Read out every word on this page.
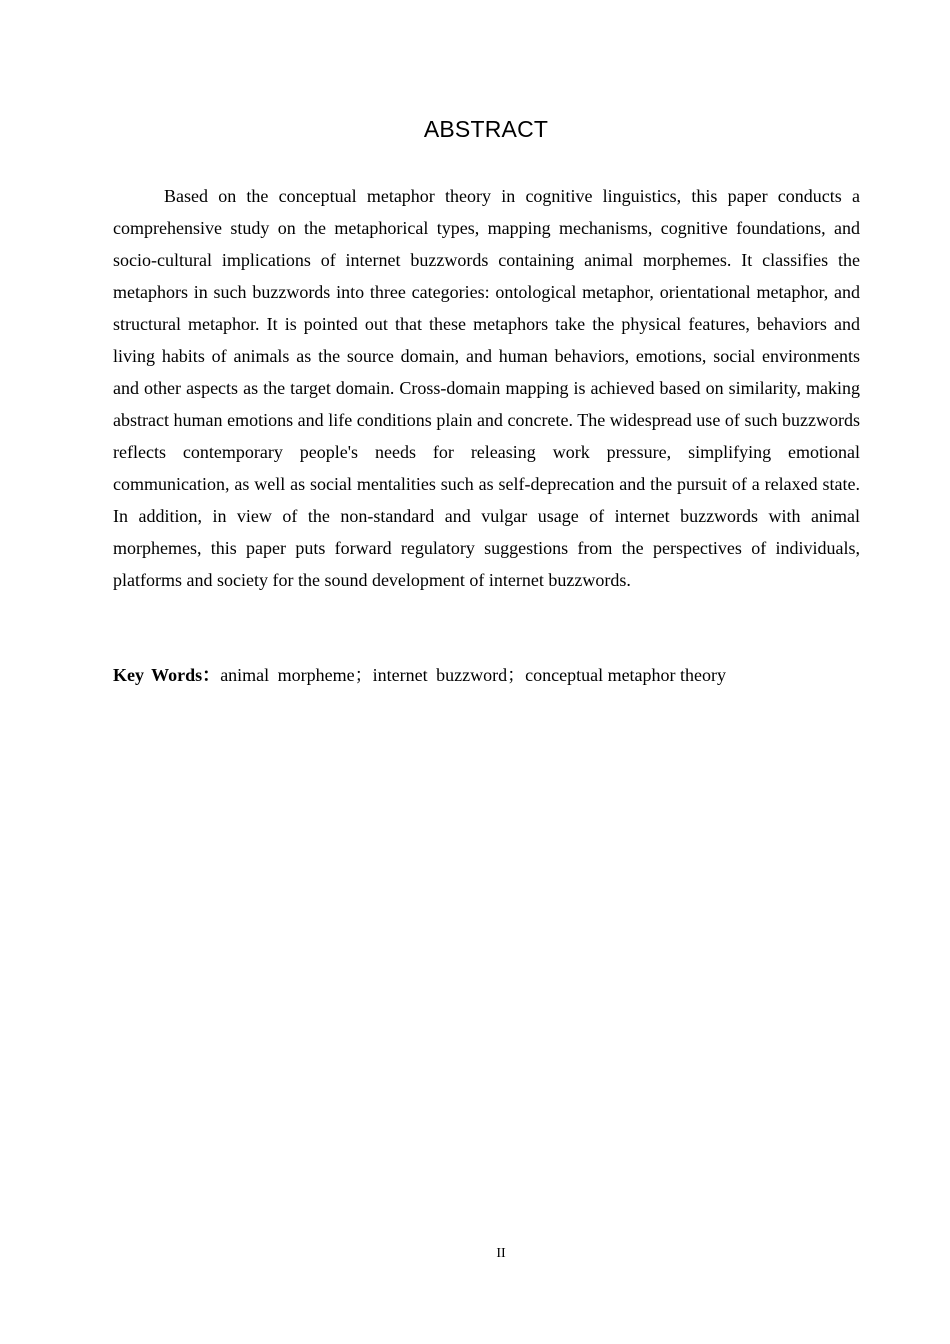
ABSTRACT

Based on the conceptual metaphor theory in cognitive linguistics, this paper conducts a comprehensive study on the metaphorical types, mapping mechanisms, cognitive foundations, and socio-cultural implications of internet buzzwords containing animal morphemes. It classifies the metaphors in such buzzwords into three categories: ontological metaphor, orientational metaphor, and structural metaphor. It is pointed out that these metaphors take the physical features, behaviors and living habits of animals as the source domain, and human behaviors, emotions, social environments and other aspects as the target domain. Cross-domain mapping is achieved based on similarity, making abstract human emotions and life conditions plain and concrete. The widespread use of such buzzwords reflects contemporary people's needs for releasing work pressure, simplifying emotional communication, as well as social mentalities such as self-deprecation and the pursuit of a relaxed state. In addition, in view of the non-standard and vulgar usage of internet buzzwords with animal morphemes, this paper puts forward regulatory suggestions from the perspectives of individuals, platforms and society for the sound development of internet buzzwords.

Key Words：animal morpheme；internet buzzword；conceptual metaphor theory

II
